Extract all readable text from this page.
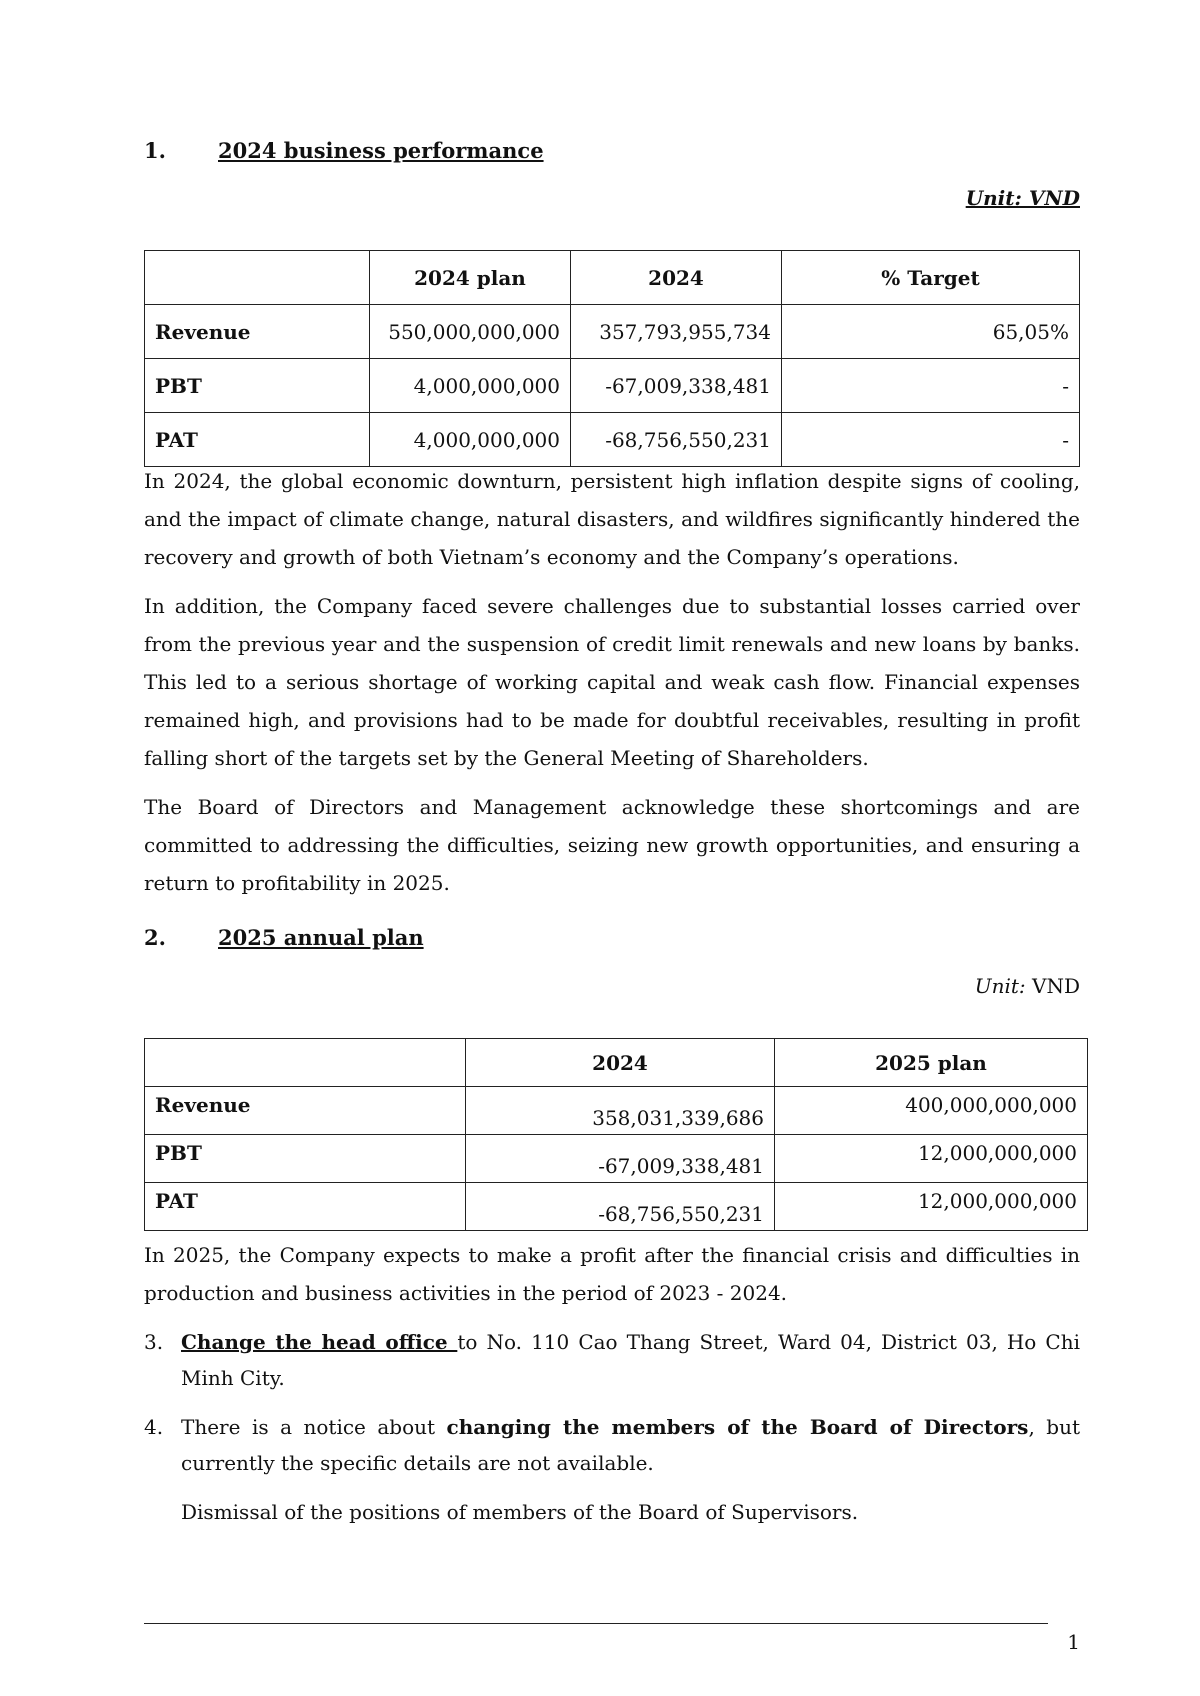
1. 2024 business performance
Unit: VND
	2024 plan	2024	% Target
Revenue	550,000,000,000	357,793,955,734	65,05%
PBT	4,000,000,000	-67,009,338,481	-
PAT	4,000,000,000	-68,756,550,231	-

In 2024, the global economic downturn, persistent high inflation despite signs of cooling, and the impact of climate change, natural disasters, and wildfires significantly hindered the recovery and growth of both Vietnam’s economy and the Company’s operations.

In addition, the Company faced severe challenges due to substantial losses carried over from the previous year and the suspension of credit limit renewals and new loans by banks. This led to a serious shortage of working capital and weak cash flow. Financial expenses remained high, and provisions had to be made for doubtful receivables, resulting in profit falling short of the targets set by the General Meeting of Shareholders.

The Board of Directors and Management acknowledge these shortcomings and are committed to addressing the difficulties, seizing new growth opportunities, and ensuring a return to profitability in 2025.

2. 2025 annual plan
Unit: VND
	2024	2025 plan
Revenue	358,031,339,686	400,000,000,000
PBT	-67,009,338,481	12,000,000,000
PAT	-68,756,550,231	12,000,000,000

In 2025, the Company expects to make a profit after the financial crisis and difficulties in production and business activities in the period of 2023 - 2024.

3. Change the head office to No. 110 Cao Thang Street, Ward 04, District 03, Ho Chi Minh City.
4. There is a notice about changing the members of the Board of Directors, but currently the specific details are not available.
Dismissal of the positions of members of the Board of Supervisors.
1
